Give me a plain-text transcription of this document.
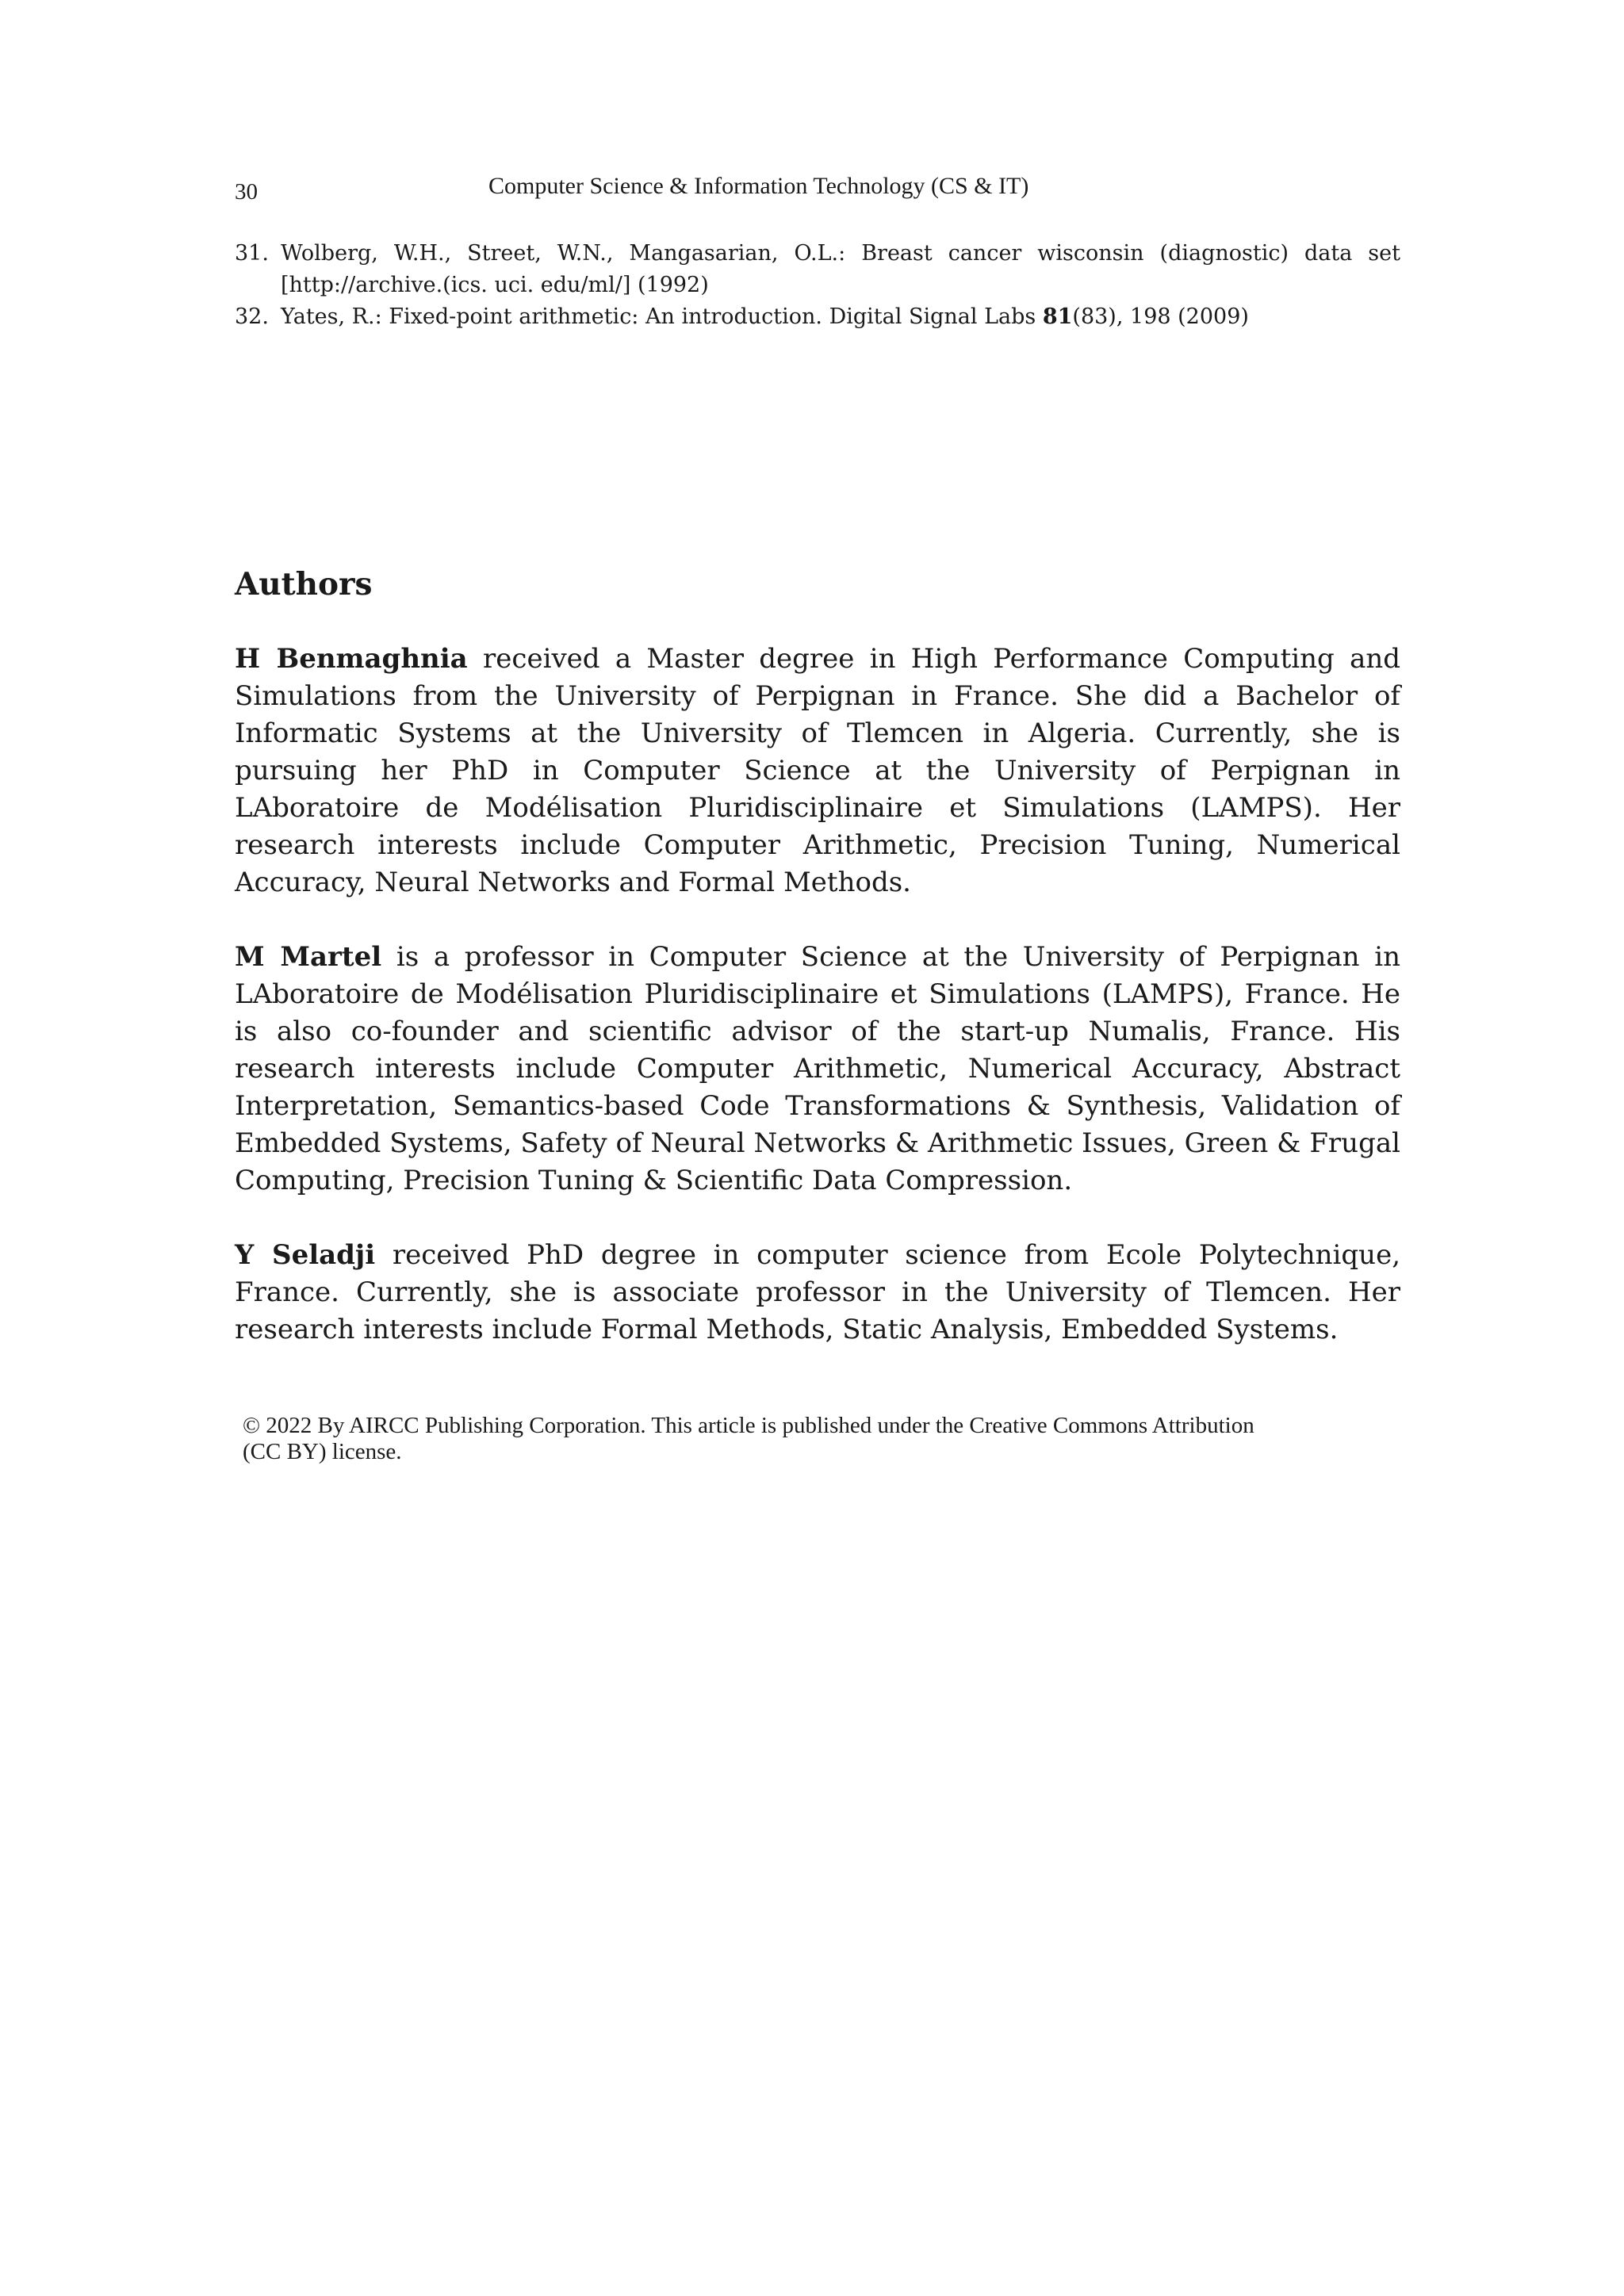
30	Computer Science & Information Technology (CS & IT)
31. Wolberg, W.H., Street, W.N., Mangasarian, O.L.: Breast cancer wisconsin (diagnostic) data set [http://archive.(ics. uci. edu/ml/] (1992)
32. Yates, R.: Fixed-point arithmetic: An introduction. Digital Signal Labs 81(83), 198 (2009)
Authors

H Benmaghnia received a Master degree in High Performance Computing and Simulations from the University of Perpignan in France. She did a Bachelor of Informatic Systems at the University of Tlemcen in Algeria. Currently, she is pursuing her PhD in Computer Science at the University of Perpignan in LAboratoire de Modélisation Pluridisciplinaire et Simulations (LAMPS). Her research interests include Computer Arithmetic, Precision Tuning, Numerical Accuracy, Neural Networks and Formal Methods.

M Martel is a professor in Computer Science at the University of Perpignan in LAboratoire de Modélisation Pluridisciplinaire et Simulations (LAMPS), France. He is also co-founder and scientific advisor of the start-up Numalis, France. His research interests include Computer Arithmetic, Numerical Accuracy, Abstract Interpretation, Semantics-based Code Transformations & Synthesis, Validation of Embedded Systems, Safety of Neural Networks & Arithmetic Issues, Green & Frugal Computing, Precision Tuning & Scientific Data Compression.

Y Seladji received PhD degree in computer science from Ecole Polytechnique, France. Currently, she is associate professor in the University of Tlemcen. Her research interests include Formal Methods, Static Analysis, Embedded Systems.

© 2022 By AIRCC Publishing Corporation. This article is published under the Creative Commons Attribution (CC BY) license.
